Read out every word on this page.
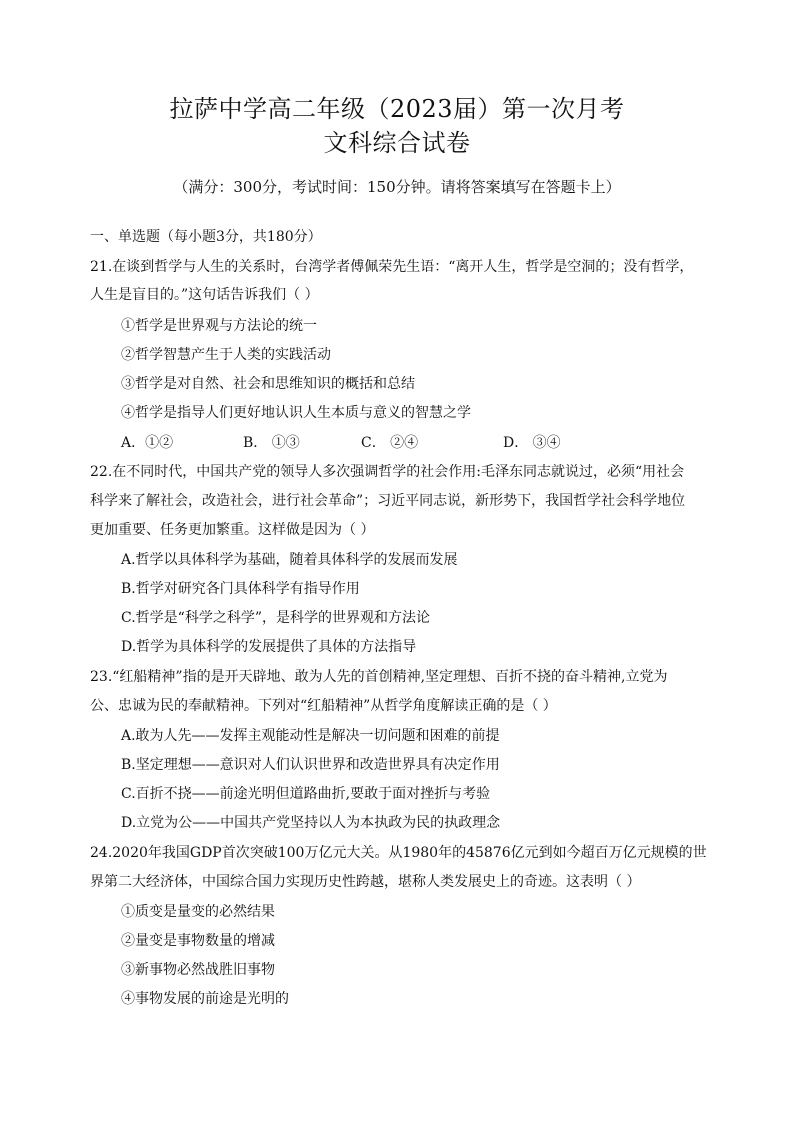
拉萨中学高二年级（2023届）第一次月考
文科综合试卷
（满分：300分，考试时间：150分钟。请将答案填写在答题卡上）
一、单选题（每小题3分，共180分）
21.在谈到哲学与人生的关系时，台湾学者傅佩荣先生语：“离开人生，哲学是空洞的；没有哲学，
人生是盲目的。”这句话告诉我们（ ）
①哲学是世界观与方法论的统一
②哲学智慧产生于人类的实践活动
③哲学是对自然、社会和思维知识的概括和总结
④哲学是指导人们更好地认识人生本质与意义的智慧之学
A．①②	B． ①③	C． ②④	D． ③④
22.在不同时代，中国共产党的领导人多次强调哲学的社会作用:毛泽东同志就说过，必须“用社会
科学来了解社会，改造社会，进行社会革命”；习近平同志说，新形势下，我国哲学社会科学地位
更加重要、任务更加繁重。这样做是因为（ ）
A.哲学以具体科学为基础，随着具体科学的发展而发展
B.哲学对研究各门具体科学有指导作用
C.哲学是“科学之科学”，是科学的世界观和方法论
D.哲学为具体科学的发展提供了具体的方法指导
23.“红船精神”指的是开天辟地、敢为人先的首创精神,坚定理想、百折不挠的奋斗精神,立党为
公、忠诚为民的奉献精神。下列对“红船精神”从哲学角度解读正确的是（ ）
A.敢为人先——发挥主观能动性是解决一切问题和困难的前提
B.坚定理想——意识对人们认识世界和改造世界具有决定作用
C.百折不挠——前途光明但道路曲折,要敢于面对挫折与考验
D.立党为公——中国共产党坚持以人为本执政为民的执政理念
24.2020年我国GDP首次突破100万亿元大关。从1980年的45876亿元到如今超百万亿元规模的世
界第二大经济体，中国综合国力实现历史性跨越，堪称人类发展史上的奇迹。这表明（ ）
①质变是量变的必然结果
②量变是事物数量的增减
③新事物必然战胜旧事物
④事物发展的前途是光明的
